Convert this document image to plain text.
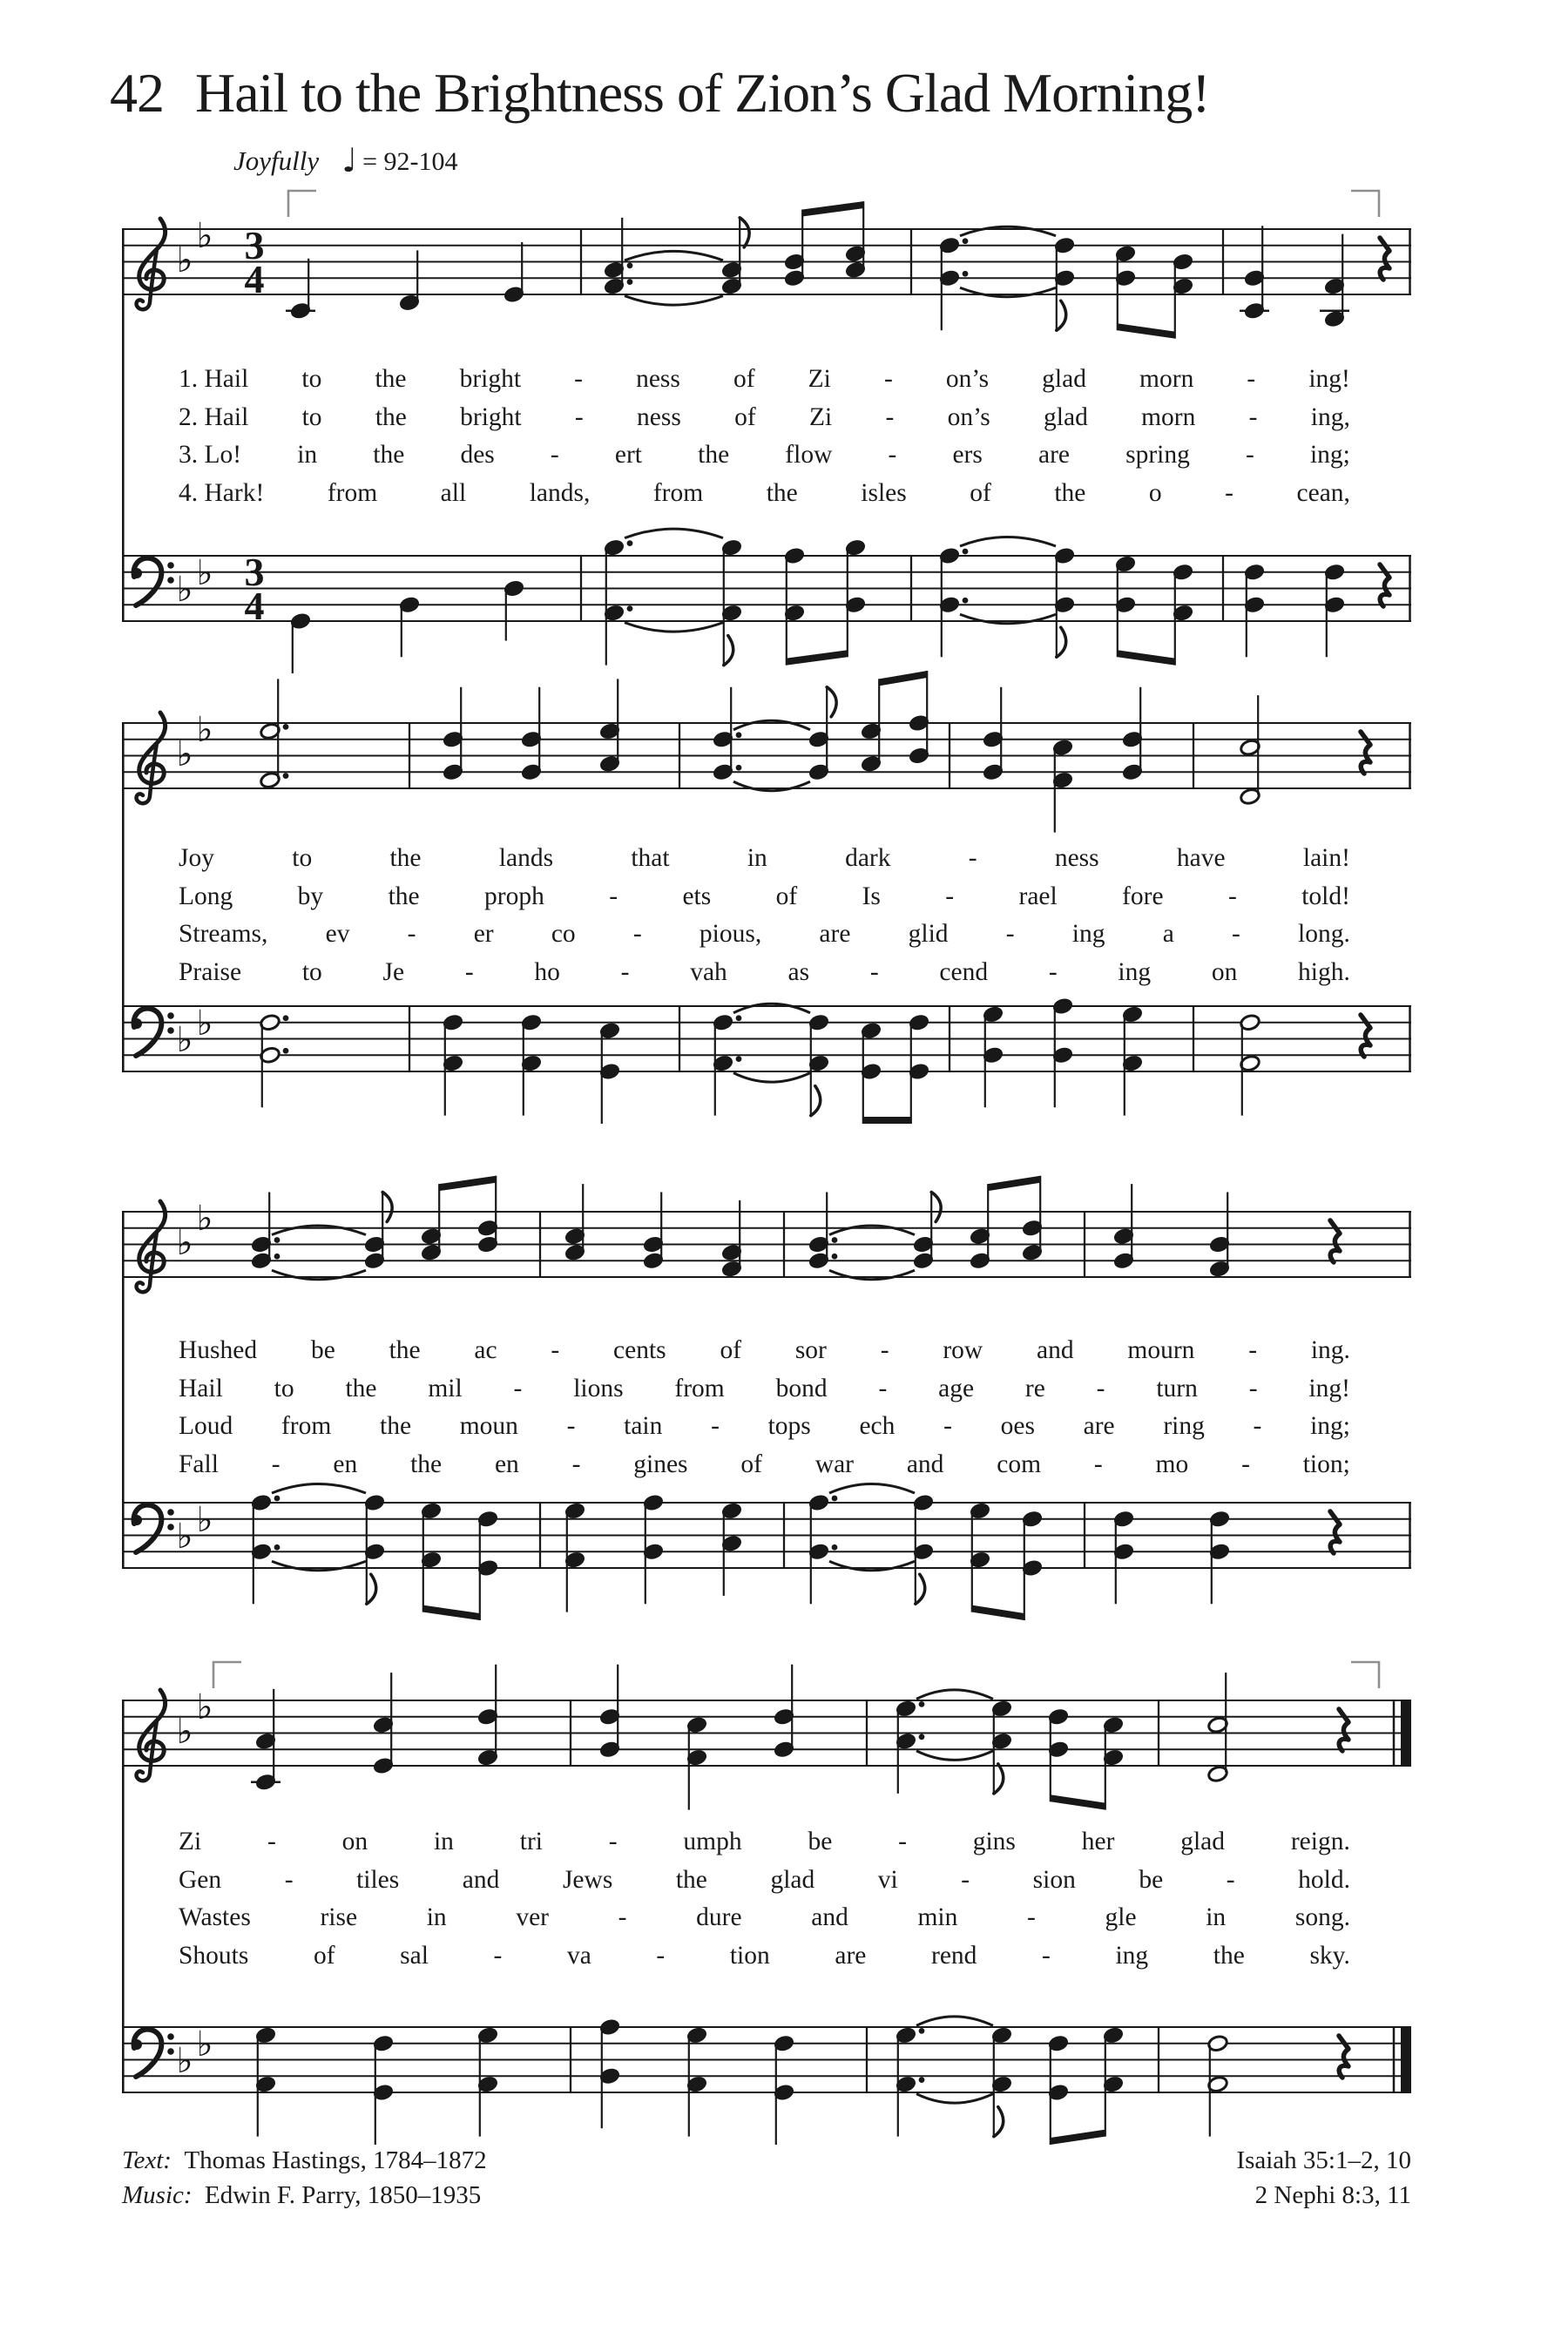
42 Hail to the Brightness of Zion’s Glad Morning!
Joyfully ♩ = 92-104
♭
♭ 3
4
♭ ♭ 3
4
♭
♭
♭ ♭
♭
♭
♭ ♭
♭
♭
♭ ♭
1. Hail to the bright - ness of Zi - on’s glad morn - ing!
2. Hail to the bright - ness of Zi - on’s glad morn - ing,
3. Lo! in the des - ert the flow - ers are spring - ing;
4. Hark! from all lands, from the isles of the o - cean,
Joy	to	the	lands	that	in	dark	-	ness	have	lain!
Long	by	the	proph	-	ets	of	Is	-	rael	fore	-	told!
Streams, ev - er co - pious, are glid - ing a - long.
Praise to Je - ho - vah as - cend - ing on high.
Hushed be the ac - cents of sor - row and mourn - ing.
Hail to the mil - lions from bond - age re - turn - ing!
Loud from the moun - tain - tops ech - oes are ring - ing;
Fall - en the en - gines of war and com - mo - tion;
Zi	-	on	in	tri	-	umph	be	-	gins	her	glad	reign.
Gen - tiles and Jews the glad vi - sion be - hold.
Wastes	rise	in	ver	-	dure	and	min	-	gle	in	song.
Shouts	of	sal	-	va	-	tion	are	rend	-	ing	the	sky.
Text: Thomas Hastings, 1784–1872
Music: Edwin F. Parry, 1850–1935
Isaiah 35:1–2, 10
2 Nephi 8:3, 11
